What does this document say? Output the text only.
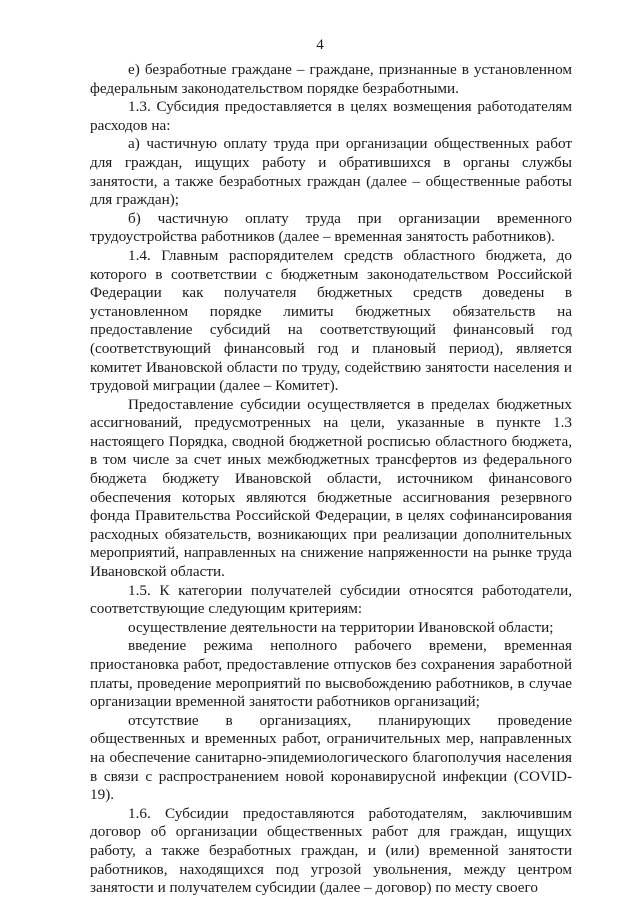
4

е) безработные граждане – граждане, признанные в установленном федеральным законодательством порядке безработными.

1.3. Субсидия предоставляется в целях возмещения работодателям расходов на:

а) частичную оплату труда при организации общественных работ для граждан, ищущих работу и обратившихся в органы службы занятости, а также безработных граждан (далее – общественные работы для граждан);

б) частичную оплату труда при организации временного трудоустройства работников (далее – временная занятость работников).

1.4. Главным распорядителем средств областного бюджета, до которого в соответствии с бюджетным законодательством Российской Федерации как получателя бюджетных средств доведены в установленном порядке лимиты бюджетных обязательств на предоставление субсидий на соответствующий финансовый год (соответствующий финансовый год и плановый период), является комитет Ивановской области по труду, содействию занятости населения и трудовой миграции (далее – Комитет).

Предоставление субсидии осуществляется в пределах бюджетных ассигнований, предусмотренных на цели, указанные в пункте 1.3 настоящего Порядка, сводной бюджетной росписью областного бюджета, в том числе за счет иных межбюджетных трансфертов из федерального бюджета бюджету Ивановской области, источником финансового обеспечения которых являются бюджетные ассигнования резервного фонда Правительства Российской Федерации, в целях софинансирования расходных обязательств, возникающих при реализации дополнительных мероприятий, направленных на снижение напряженности на рынке труда Ивановской области.

1.5. К категории получателей субсидии относятся работодатели, соответствующие следующим критериям:

осуществление деятельности на территории Ивановской области;

введение режима неполного рабочего времени, временная приостановка работ, предоставление отпусков без сохранения заработной платы, проведение мероприятий по высвобождению работников, в случае организации временной занятости работников организаций;

отсутствие в организациях, планирующих проведение общественных и временных работ, ограничительных мер, направленных на обеспечение санитарно-эпидемиологического благополучия населения в связи с распространением новой коронавирусной инфекции (COVID-19).

1.6. Субсидии предоставляются работодателям, заключившим договор об организации общественных работ для граждан, ищущих работу, а также безработных граждан, и (или) временной занятости работников, находящихся под угрозой увольнения, между центром занятости и получателем субсидии (далее – договор) по месту своего
